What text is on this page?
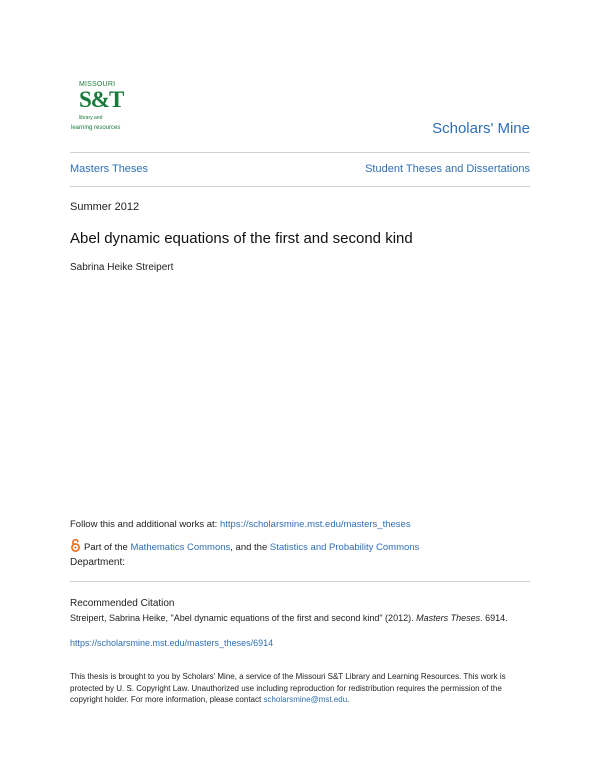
MISSOURI
S&T
library and

learning resources	Scholars' Mine
Masters Theses	Student Theses and Dissertations
Summer 2012
Abel dynamic equations of the first and second kind
Sabrina Heike Streipert
Follow this and additional works at: https://scholarsmine.mst.edu/masters_theses
Part of the Mathematics Commons, and the Statistics and Probability Commons
Department:
Recommended Citation
Streipert, Sabrina Heike, "Abel dynamic equations of the first and second kind" (2012). Masters Theses. 6914.
https://scholarsmine.mst.edu/masters_theses/6914
This thesis is brought to you by Scholars' Mine, a service of the Missouri S&T Library and Learning Resources. This work is protected by U. S. Copyright Law. Unauthorized use including reproduction for redistribution requires the permission of the copyright holder. For more information, please contact scholarsmine@mst.edu.
